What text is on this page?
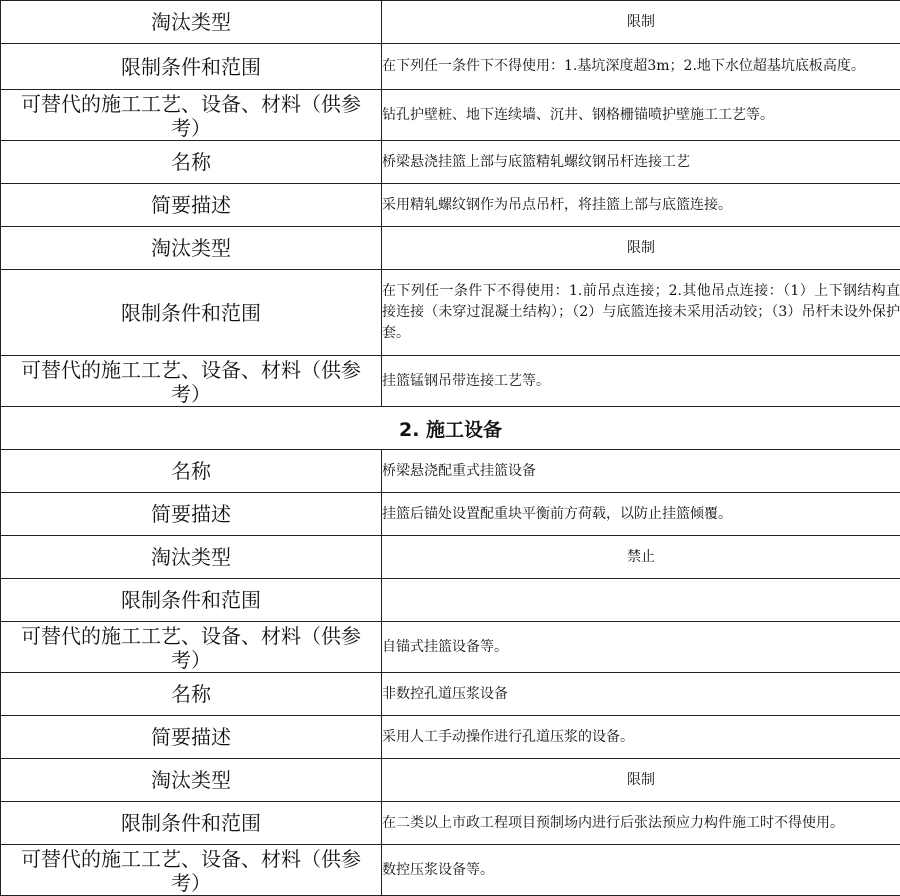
淘汰类型	限制
限制条件和范围	在下列任一条件下不得使用：1.基坑深度超3m；2.地下水位超基坑底板高度。

可替代的施工工艺、设备、材料（供参考）	钻孔护壁桩、地下连续墙、沉井、钢格栅锚喷护壁施工工艺等。
名称	桥梁悬浇挂篮上部与底篮精轧螺纹钢吊杆连接工艺
简要描述	采用精轧螺纹钢作为吊点吊杆，将挂篮上部与底篮连接。
淘汰类型	限制
限制条件和范围	在下列任一条件下不得使用：1.前吊点连接；2.其他吊点连接：（1）上下钢结构直接连接（未穿过混凝土结构）；（2）与底篮连接未采用活动铰；（3）吊杆未设外保护套。

可替代的施工工艺、设备、材料（供参考）	挂篮锰钢吊带连接工艺等。
2. 施工设备	
名称	桥梁悬浇配重式挂篮设备
简要描述	挂篮后锚处设置配重块平衡前方荷载，以防止挂篮倾覆。
淘汰类型	禁止
限制条件和范围	

可替代的施工工艺、设备、材料（供参考）	自锚式挂篮设备等。
名称	非数控孔道压浆设备
简要描述	采用人工手动操作进行孔道压浆的设备。
淘汰类型	限制
限制条件和范围	在二类以上市政工程项目预制场内进行后张法预应力构件施工时不得使用。

可替代的施工工艺、设备、材料（供参考）	数控压浆设备等。
